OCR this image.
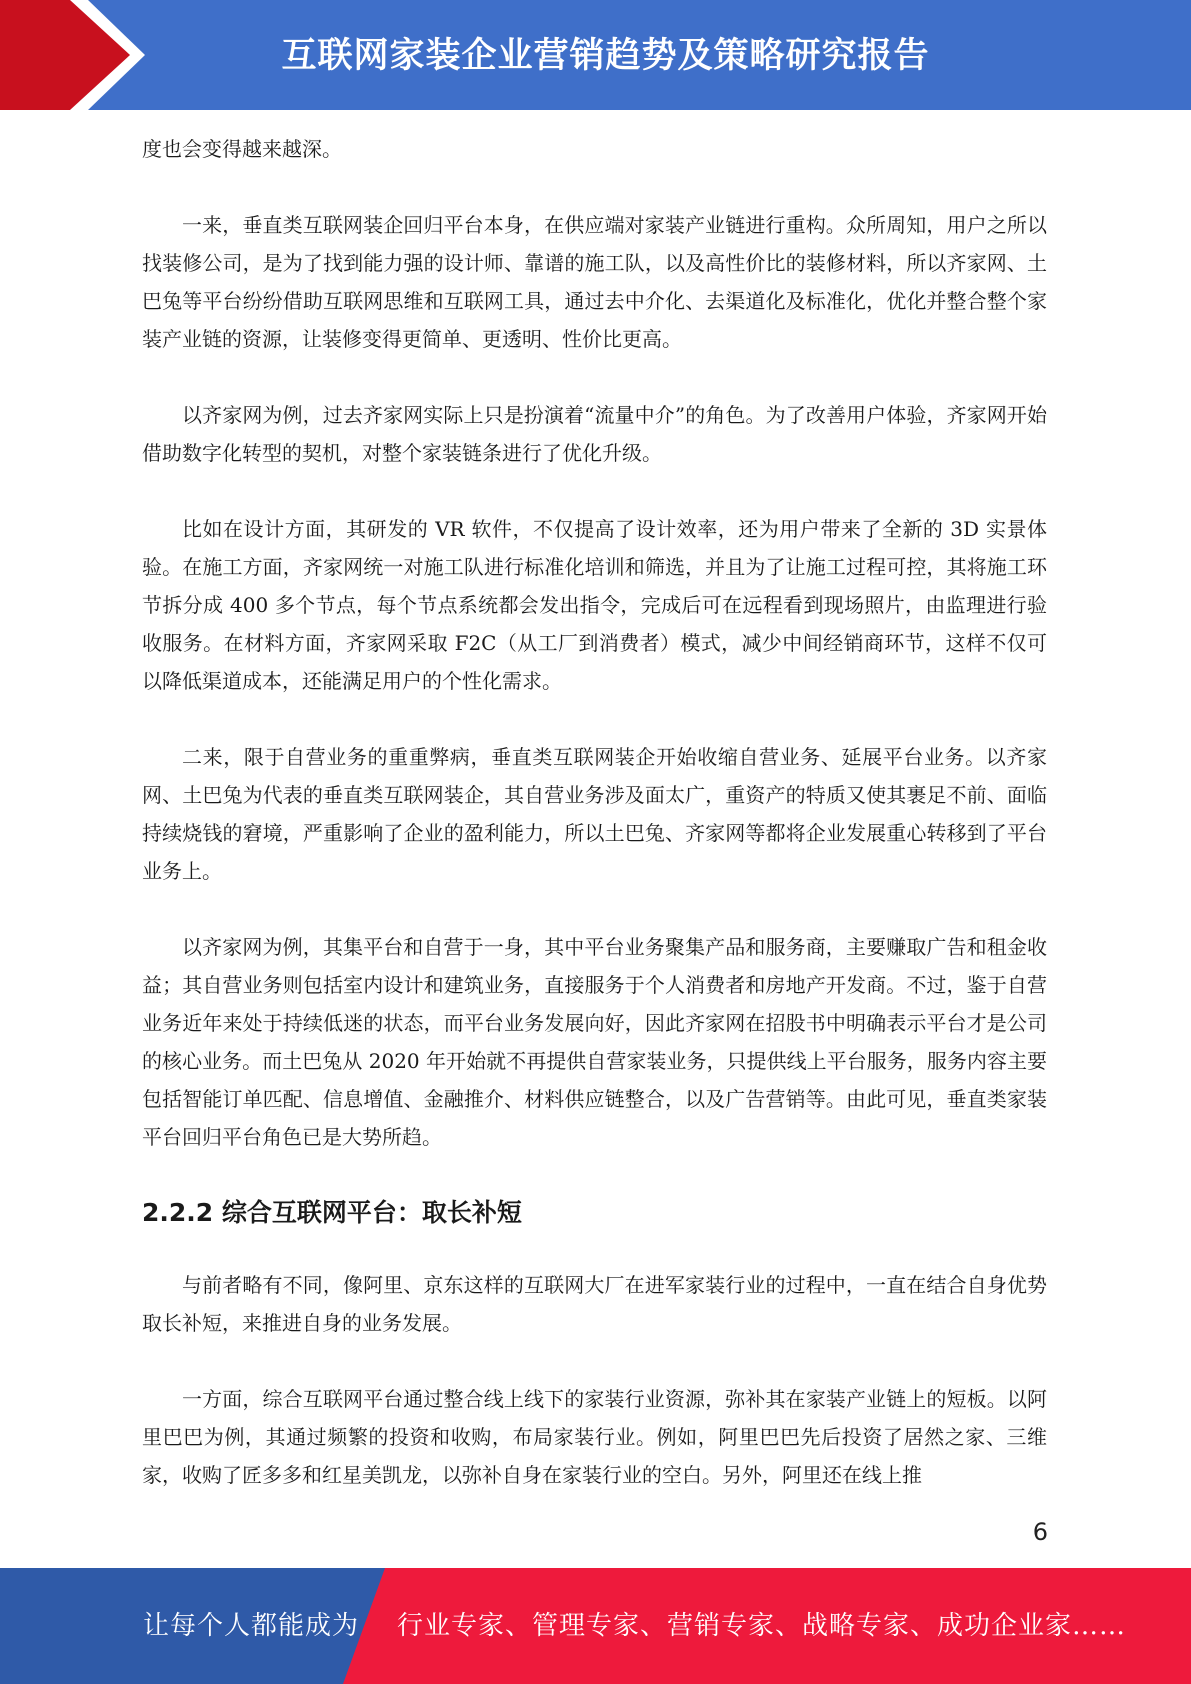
互联网家装企业营销趋势及策略研究报告

度也会变得越来越深。

一来，垂直类互联网装企回归平台本身，在供应端对家装产业链进行重构。众所周知，用户之所以找装修公司，是为了找到能力强的设计师、靠谱的施工队，以及高性价比的装修材料，所以齐家网、土巴兔等平台纷纷借助互联网思维和互联网工具，通过去中介化、去渠道化及标准化，优化并整合整个家装产业链的资源，让装修变得更简单、更透明、性价比更高。

以齐家网为例，过去齐家网实际上只是扮演着“流量中介”的角色。为了改善用户体验，齐家网开始借助数字化转型的契机，对整个家装链条进行了优化升级。

比如在设计方面，其研发的 VR 软件，不仅提高了设计效率，还为用户带来了全新的 3D 实景体验。在施工方面，齐家网统一对施工队进行标准化培训和筛选，并且为了让施工过程可控，其将施工环节拆分成 400 多个节点，每个节点系统都会发出指令，完成后可在远程看到现场照片，由监理进行验收服务。在材料方面，齐家网采取 F2C（从工厂到消费者）模式，减少中间经销商环节，这样不仅可以降低渠道成本，还能满足用户的个性化需求。

二来，限于自营业务的重重弊病，垂直类互联网装企开始收缩自营业务、延展平台业务。以齐家网、土巴兔为代表的垂直类互联网装企，其自营业务涉及面太广，重资产的特质又使其裹足不前、面临持续烧钱的窘境，严重影响了企业的盈利能力，所以土巴兔、齐家网等都将企业发展重心转移到了平台业务上。

以齐家网为例，其集平台和自营于一身，其中平台业务聚集产品和服务商，主要赚取广告和租金收益；其自营业务则包括室内设计和建筑业务，直接服务于个人消费者和房地产开发商。不过，鉴于自营业务近年来处于持续低迷的状态，而平台业务发展向好，因此齐家网在招股书中明确表示平台才是公司的核心业务。而土巴兔从 2020 年开始就不再提供自营家装业务，只提供线上平台服务，服务内容主要包括智能订单匹配、信息增值、金融推介、材料供应链整合，以及广告营销等。由此可见，垂直类家装平台回归平台角色已是大势所趋。

2.2.2 综合互联网平台：取长补短

与前者略有不同，像阿里、京东这样的互联网大厂在进军家装行业的过程中，一直在结合自身优势取长补短，来推进自身的业务发展。

一方面，综合互联网平台通过整合线上线下的家装行业资源，弥补其在家装产业链上的短板。以阿里巴巴为例，其通过频繁的投资和收购，布局家装行业。例如，阿里巴巴先后投资了居然之家、三维家，收购了匠多多和红星美凯龙，以弥补自身在家装行业的空白。另外，阿里还在线上推

6
让每个人都能成为 行业专家、管理专家、营销专家、战略专家、成功企业家……
